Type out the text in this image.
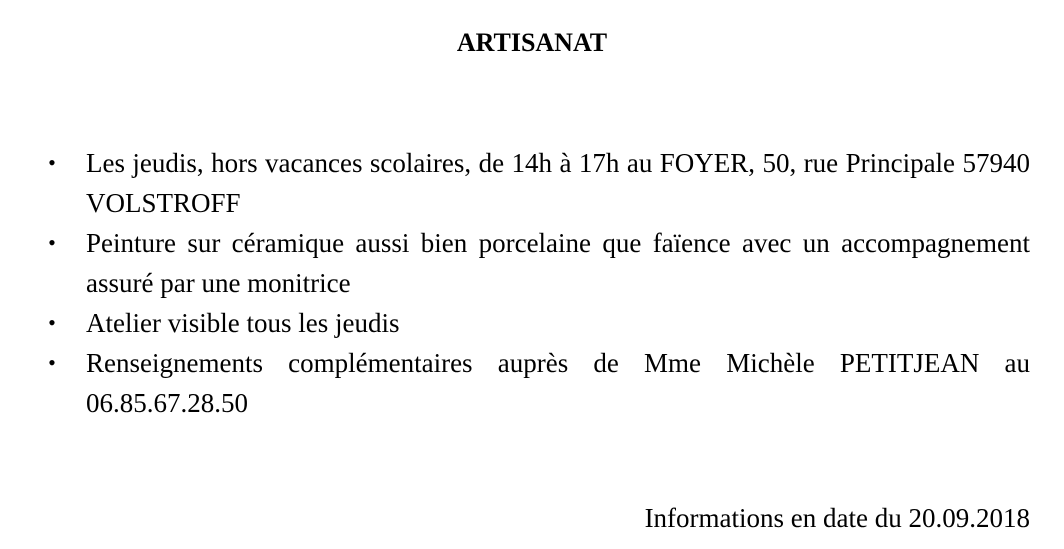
ARTISANAT
• Les jeudis, hors vacances scolaires, de 14h à 17h au FOYER, 50, rue Principale 57940 VOLSTROFF
• Peinture sur céramique aussi bien porcelaine que faïence avec un accompagnement assuré par une monitrice
• Atelier visible tous les jeudis
• Renseignements complémentaires auprès de Mme Michèle PETITJEAN au 06.85.67.28.50
Informations en date du 20.09.2018
